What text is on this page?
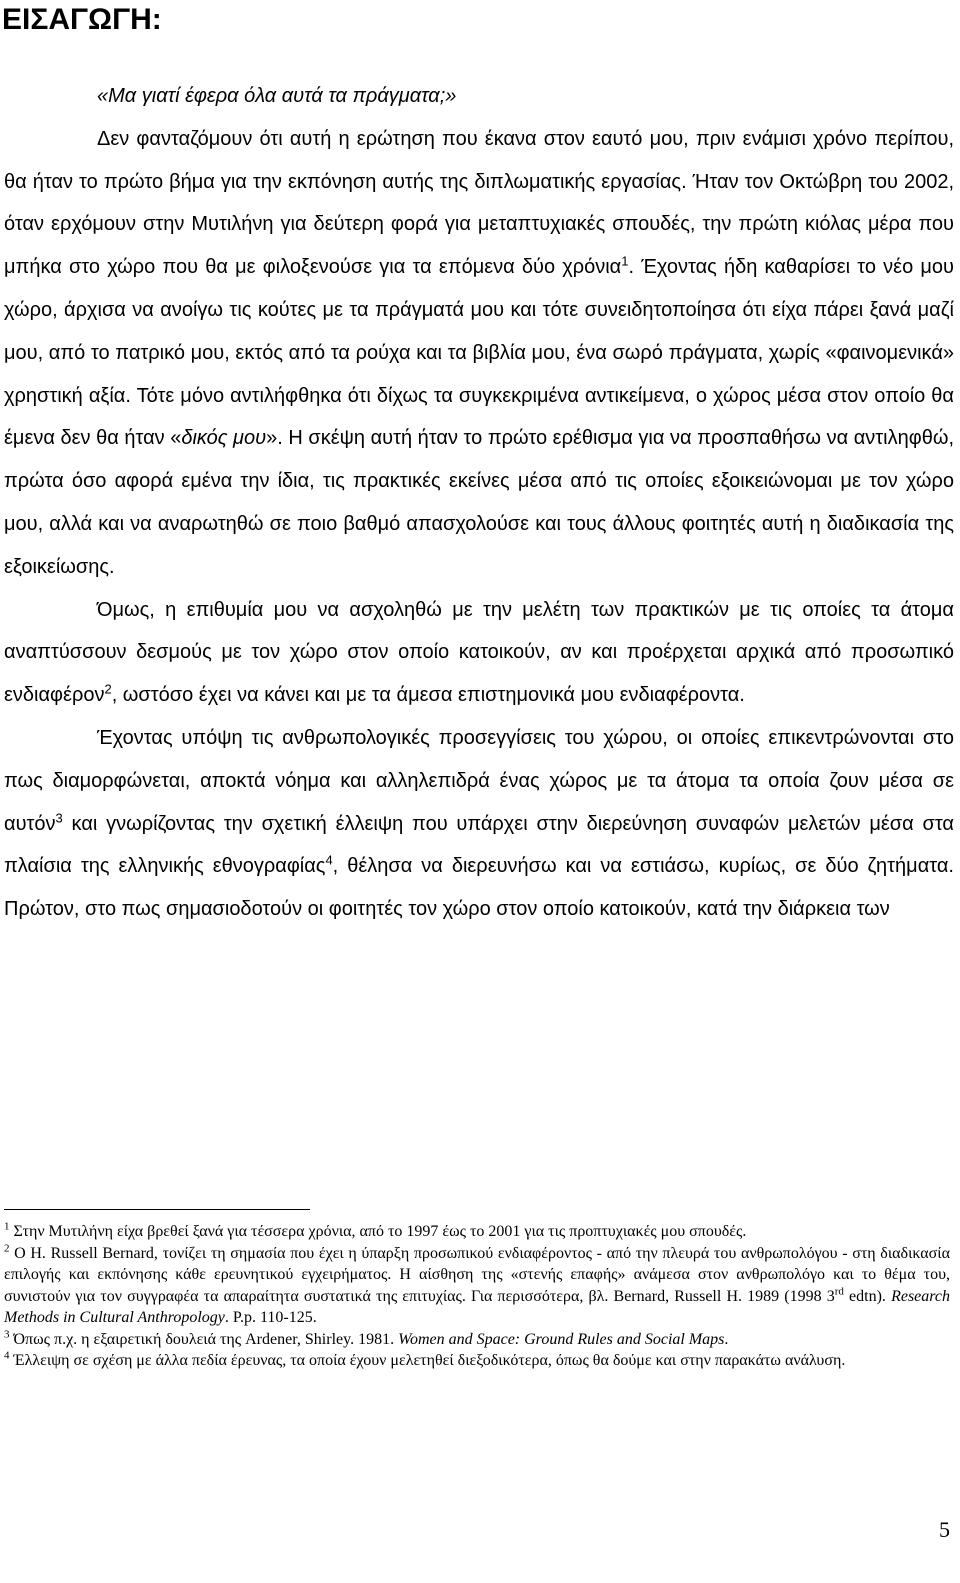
ΕΙΣΑΓΩΓΗ:

«Μα γιατί έφερα όλα αυτά τα πράγματα;»

Δεν φανταζόμουν ότι αυτή η ερώτηση που έκανα στον εαυτό μου, πριν ενάμισι χρόνο περίπου, θα ήταν το πρώτο βήμα για την εκπόνηση αυτής της διπλωματικής εργασίας. Ήταν τον Οκτώβρη του 2002, όταν ερχόμουν στην Μυτιλήνη για δεύτερη φορά για μεταπτυχιακές σπουδές, την πρώτη κιόλας μέρα που μπήκα στο χώρο που θα με φιλοξενούσε για τα επόμενα δύο χρόνια$^1$. Έχοντας ήδη καθαρίσει το νέο μου χώρο, άρχισα να ανοίγω τις κούτες με τα πράγματά μου και τότε συνειδητοποίησα ότι είχα πάρει ξανά μαζί μου, από το πατρικό μου, εκτός από τα ρούχα και τα βιβλία μου, ένα σωρό πράγματα, χωρίς «φαινομενικά» χρηστική αξία. Τότε μόνο αντιλήφθηκα ότι δίχως τα συγκεκριμένα αντικείμενα, ο χώρος μέσα στον οποίο θα έμενα δεν θα ήταν «δικός μου». Η σκέψη αυτή ήταν το πρώτο ερέθισμα για να προσπαθήσω να αντιληφθώ, πρώτα όσο αφορά εμένα την ίδια, τις πρακτικές εκείνες μέσα από τις οποίες εξοικειώνομαι με τον χώρο μου, αλλά και να αναρωτηθώ σε ποιο βαθμό απασχολούσε και τους άλλους φοιτητές αυτή η διαδικασία της εξοικείωσης.

Όμως, η επιθυμία μου να ασχοληθώ με την μελέτη των πρακτικών με τις οποίες τα άτομα αναπτύσσουν δεσμούς με τον χώρο στον οποίο κατοικούν, αν και προέρχεται αρχικά από προσωπικό ενδιαφέρον$^2$, ωστόσο έχει να κάνει και με τα άμεσα επιστημονικά μου ενδιαφέροντα.

Έχοντας υπόψη τις ανθρωπολογικές προσεγγίσεις του χώρου, οι οποίες επικεντρώνονται στο πως διαμορφώνεται, αποκτά νόημα και αλληλεπιδρά ένας χώρος με τα άτομα τα οποία ζουν μέσα σε αυτόν$^3$ και γνωρίζοντας την σχετική έλλειψη που υπάρχει στην διερεύνηση συναφών μελετών μέσα στα πλαίσια της ελληνικής εθνογραφίας$^4$, θέλησα να διερευνήσω και να εστιάσω, κυρίως, σε δύο ζητήματα. Πρώτον, στο πως σημασιοδοτούν οι φοιτητές τον χώρο στον οποίο κατοικούν, κατά την διάρκεια των

$^1$ Στην Μυτιλήνη είχα βρεθεί ξανά για τέσσερα χρόνια, από το 1997 έως το 2001 για τις προπτυχιακές μου σπουδές.

$^2$ Ο Η. Russell Bernard, τονίζει τη σημασία που έχει η ύπαρξη προσωπικού ενδιαφέροντος - από την πλευρά του ανθρωπολόγου - στη διαδικασία επιλογής και εκπόνησης κάθε ερευνητικού εγχειρήματος. Η αίσθηση της «στενής επαφής» ανάμεσα στον ανθρωπολόγο και το θέμα του, συνιστούν για τον συγγραφέα τα απαραίτητα συστατικά της επιτυχίας. Για περισσότερα, βλ. Bernard, Russell H. 1989 (1998 3rd edtn). Research Methods in Cultural Anthropology. P.p. 110-125.

$^3$ Όπως π.χ. η εξαιρετική δουλειά της Ardener, Shirley. 1981. Women and Space: Ground Rules and Social Maps.

$^4$ Έλλειψη σε σχέση με άλλα πεδία έρευνας, τα οποία έχουν μελετηθεί διεξοδικότερα, όπως θα δούμε και στην παρακάτω ανάλυση.

5
